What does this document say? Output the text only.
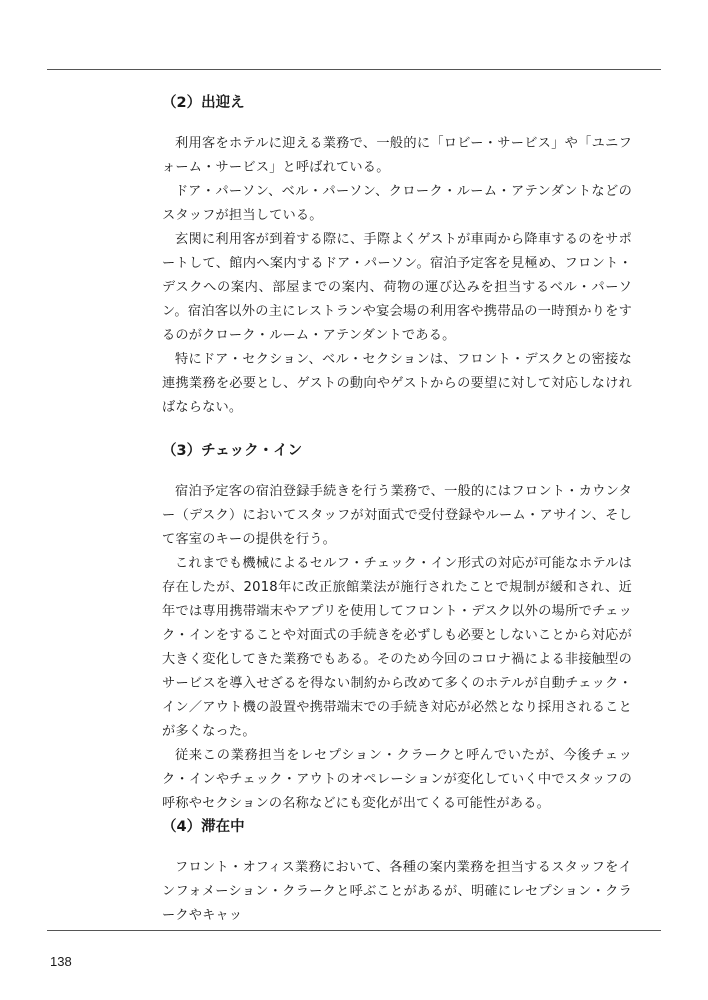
（2）出迎え

利用客をホテルに迎える業務で、一般的に「ロビー・サービス」や「ユニフォーム・サービス」と呼ばれている。

ドア・パーソン、ベル・パーソン、クローク・ルーム・アテンダントなどのスタッフが担当している。

玄関に利用客が到着する際に、手際よくゲストが車両から降車するのをサポートして、館内へ案内するドア・パーソン。宿泊予定客を見極め、フロント・デスクへの案内、部屋までの案内、荷物の運び込みを担当するベル・パーソン。宿泊客以外の主にレストランや宴会場の利用客や携帯品の一時預かりをするのがクローク・ルーム・アテンダントである。

特にドア・セクション、ベル・セクションは、フロント・デスクとの密接な連携業務を必要とし、ゲストの動向やゲストからの要望に対して対応しなければならない。

（3）チェック・イン

宿泊予定客の宿泊登録手続きを行う業務で、一般的にはフロント・カウンター（デスク）においてスタッフが対面式で受付登録やルーム・アサイン、そして客室のキーの提供を行う。

これまでも機械によるセルフ・チェック・イン形式の対応が可能なホテルは存在したが、2018年に改正旅館業法が施行されたことで規制が緩和され、近年では専用携帯端末やアプリを使用してフロント・デスク以外の場所でチェック・インをすることや対面式の手続きを必ずしも必要としないことから対応が大きく変化してきた業務でもある。そのため今回のコロナ禍による非接触型のサービスを導入せざるを得ない制約から改めて多くのホテルが自動チェック・イン／アウト機の設置や携帯端末での手続き対応が必然となり採用されることが多くなった。

従来この業務担当をレセプション・クラークと呼んでいたが、今後チェック・インやチェック・アウトのオペレーションが変化していく中でスタッフの呼称やセクションの名称などにも変化が出てくる可能性がある。

（4）滞在中

フロント・オフィス業務において、各種の案内業務を担当するスタッフをインフォメーション・クラークと呼ぶことがあるが、明確にレセプション・クラークやキャッ

138
